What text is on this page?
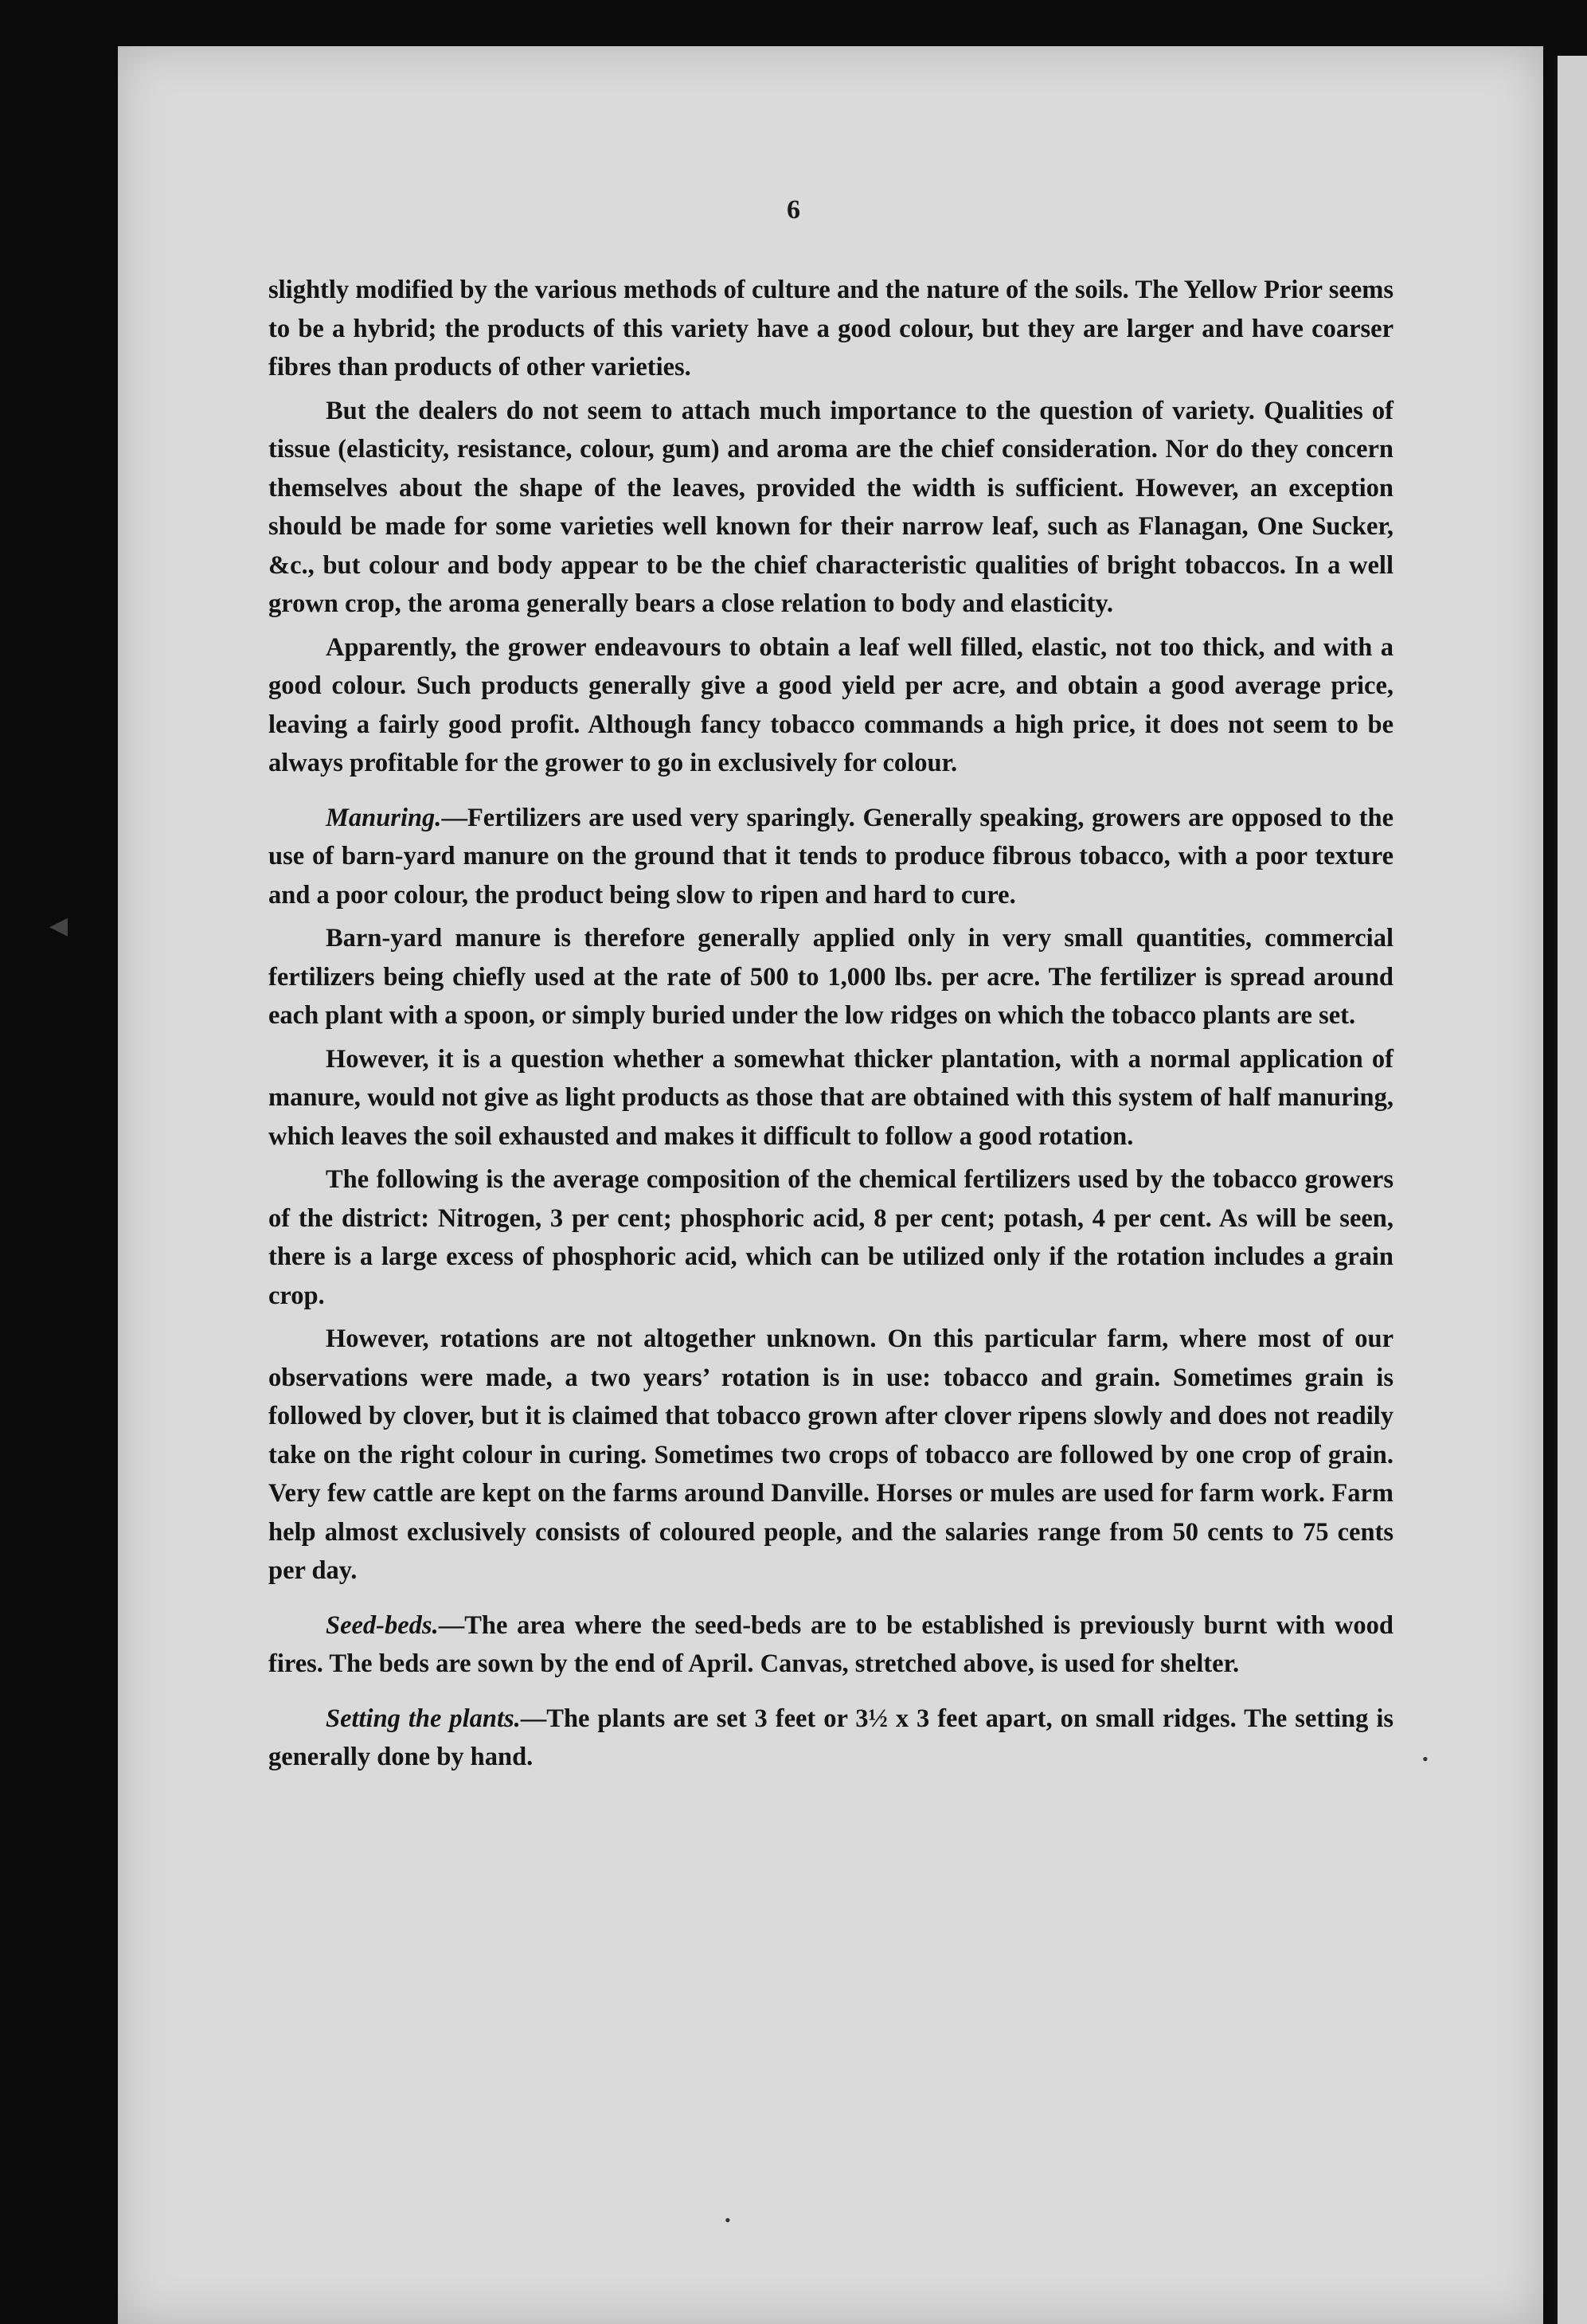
◀
•
•
6

slightly modified by the various methods of culture and the nature of the soils. The Yellow Prior seems to be a hybrid; the products of this variety have a good colour, but they are larger and have coarser fibres than products of other varieties.

But the dealers do not seem to attach much importance to the question of variety. Qualities of tissue (elasticity, resistance, colour, gum) and aroma are the chief consideration. Nor do they concern themselves about the shape of the leaves, provided the width is sufficient. However, an exception should be made for some varieties well known for their narrow leaf, such as Flanagan, One Sucker, &c., but colour and body appear to be the chief characteristic qualities of bright tobaccos. In a well grown crop, the aroma generally bears a close relation to body and elasticity.

Apparently, the grower endeavours to obtain a leaf well filled, elastic, not too thick, and with a good colour. Such products generally give a good yield per acre, and obtain a good average price, leaving a fairly good profit. Although fancy tobacco commands a high price, it does not seem to be always profitable for the grower to go in exclusively for colour.

Manuring.—Fertilizers are used very sparingly. Generally speaking, growers are opposed to the use of barn-yard manure on the ground that it tends to produce fibrous tobacco, with a poor texture and a poor colour, the product being slow to ripen and hard to cure.

Barn-yard manure is therefore generally applied only in very small quantities, commercial fertilizers being chiefly used at the rate of 500 to 1,000 lbs. per acre. The fertilizer is spread around each plant with a spoon, or simply buried under the low ridges on which the tobacco plants are set.

However, it is a question whether a somewhat thicker plantation, with a normal application of manure, would not give as light products as those that are obtained with this system of half manuring, which leaves the soil exhausted and makes it difficult to follow a good rotation.

The following is the average composition of the chemical fertilizers used by the tobacco growers of the district: Nitrogen, 3 per cent; phosphoric acid, 8 per cent; potash, 4 per cent. As will be seen, there is a large excess of phosphoric acid, which can be utilized only if the rotation includes a grain crop.

However, rotations are not altogether unknown. On this particular farm, where most of our observations were made, a two years’ rotation is in use: tobacco and grain. Sometimes grain is followed by clover, but it is claimed that tobacco grown after clover ripens slowly and does not readily take on the right colour in curing. Sometimes two crops of tobacco are followed by one crop of grain. Very few cattle are kept on the farms around Danville. Horses or mules are used for farm work. Farm help almost exclusively consists of coloured people, and the salaries range from 50 cents to 75 cents per day.

Seed-beds.—The area where the seed-beds are to be established is previously burnt with wood fires. The beds are sown by the end of April. Canvas, stretched above, is used for shelter.

Setting the plants.—The plants are set 3 feet or 3½ x 3 feet apart, on small ridges. The setting is generally done by hand.
